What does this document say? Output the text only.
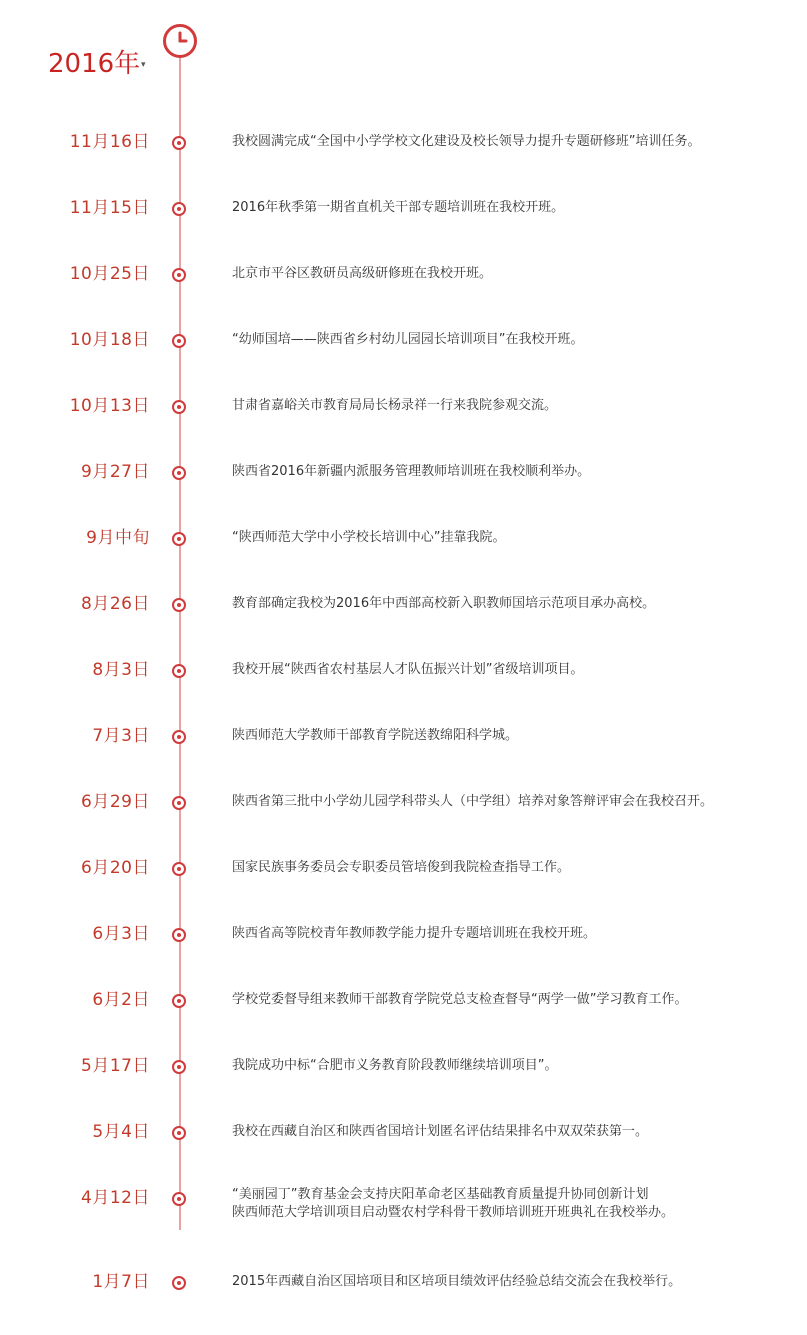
2016年 ▾
11月16日	我校圆满完成“全国中小学学校文化建设及校长领导力提升专题研修班”培训任务。
11月15日	2016年秋季第一期省直机关干部专题培训班在我校开班。
10月25日	北京市平谷区教研员高级研修班在我校开班。
10月18日	“幼师国培——陕西省乡村幼儿园园长培训项目”在我校开班。
10月13日	甘肃省嘉峪关市教育局局长杨录祥一行来我院参观交流。
9月27日	陕西省2016年新疆内派服务管理教师培训班在我校顺利举办。
9月中旬	“陕西师范大学中小学校长培训中心”挂靠我院。
8月26日	教育部确定我校为2016年中西部高校新入职教师国培示范项目承办高校。
8月3日	我校开展“陕西省农村基层人才队伍振兴计划”省级培训项目。
7月3日	陕西师范大学教师干部教育学院送教绵阳科学城。
6月29日	陕西省第三批中小学幼儿园学科带头人（中学组）培养对象答辩评审会在我校召开。
6月20日	国家民族事务委员会专职委员管培俊到我院检查指导工作。
6月3日	陕西省高等院校青年教师教学能力提升专题培训班在我校开班。
6月2日	学校党委督导组来教师干部教育学院党总支检查督导“两学一做”学习教育工作。
5月17日	我院成功中标“合肥市义务教育阶段教师继续培训项目”。
5月4日	我校在西藏自治区和陕西省国培计划匿名评估结果排名中双双荣获第一。
4月12日	“美丽园丁”教育基金会支持庆阳革命老区基础教育质量提升协同创新计划
陕西师范大学培训项目启动暨农村学科骨干教师培训班开班典礼在我校举办。
1月7日	2015年西藏自治区国培项目和区培项目绩效评估经验总结交流会在我校举行。
